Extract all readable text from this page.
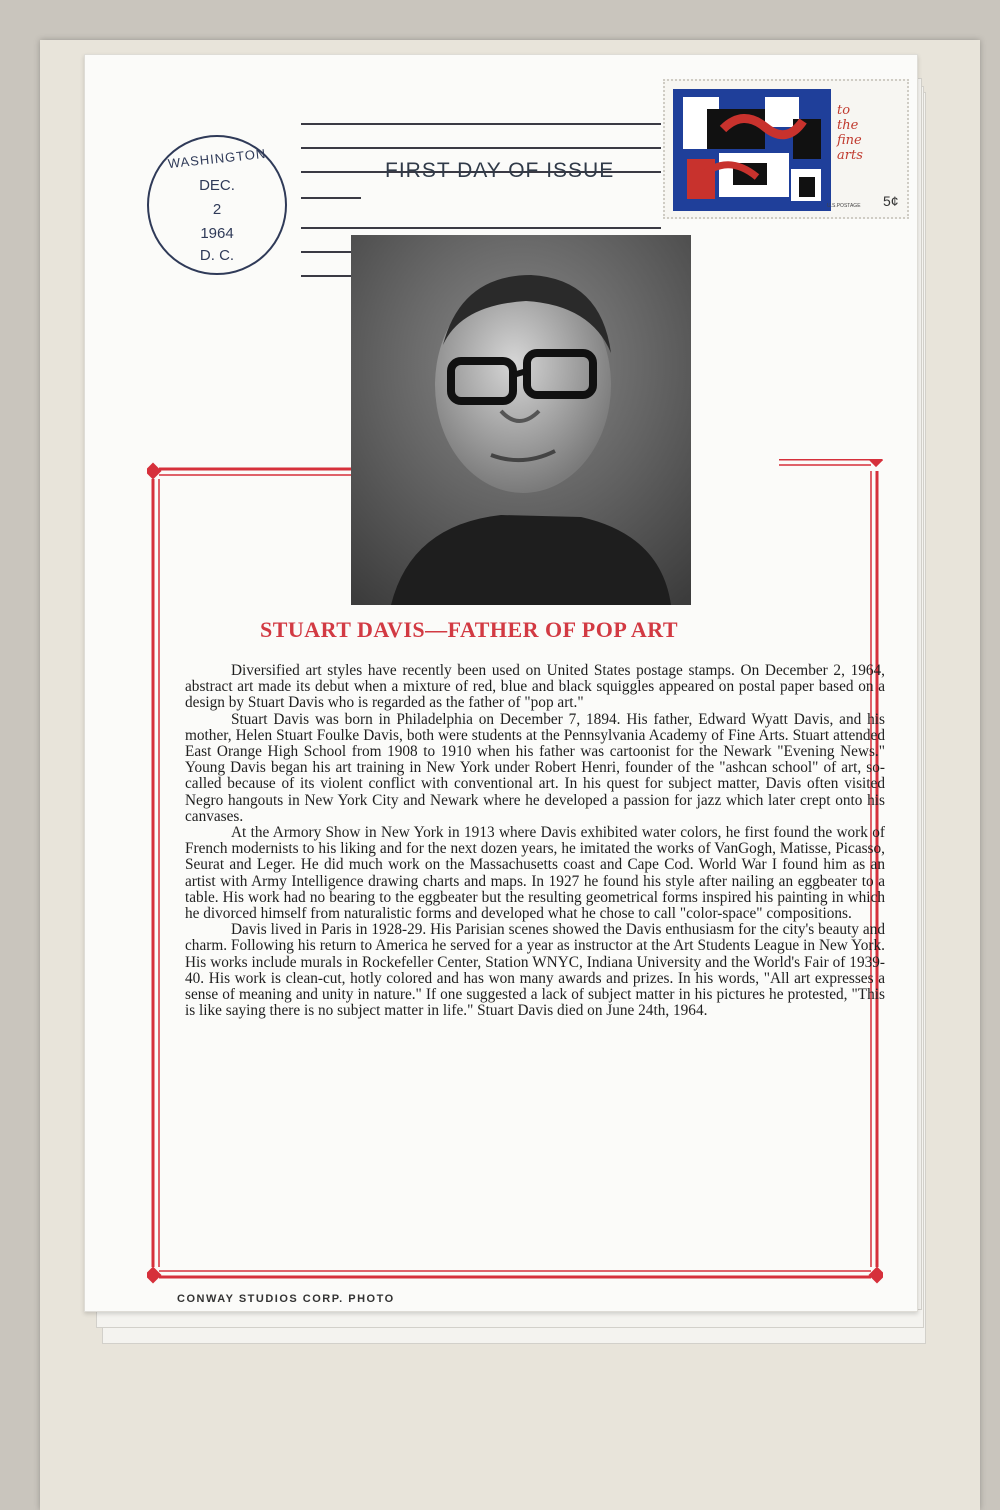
WASHINGTON
DEC.
2
1964
D. C.
FIRST DAY OF ISSUE
to
the
fine
arts
U.S.POSTAGE 5¢
STUART DAVIS—FATHER OF POP ART

Diversified art styles have recently been used on United States postage stamps. On December 2, 1964, abstract art made its debut when a mixture of red, blue and black squiggles appeared on postal paper based on a design by Stuart Davis who is regarded as the father of "pop art."

Stuart Davis was born in Philadelphia on December 7, 1894. His father, Edward Wyatt Davis, and his mother, Helen Stuart Foulke Davis, both were students at the Pennsylvania Academy of Fine Arts. Stuart attended East Orange High School from 1908 to 1910 when his father was cartoonist for the Newark "Evening News." Young Davis began his art training in New York under Robert Henri, founder of the "ashcan school" of art, so-called because of its violent conflict with conventional art. In his quest for subject matter, Davis often visited Negro hangouts in New York City and Newark where he developed a passion for jazz which later crept onto his canvases.

At the Armory Show in New York in 1913 where Davis exhibited water colors, he first found the work of French modernists to his liking and for the next dozen years, he imitated the works of VanGogh, Matisse, Picasso, Seurat and Leger. He did much work on the Massachusetts coast and Cape Cod. World War I found him as an artist with Army Intelligence drawing charts and maps. In 1927 he found his style after nailing an eggbeater to a table. His work had no bearing to the eggbeater but the resulting geometrical forms inspired his painting in which he divorced himself from naturalistic forms and developed what he chose to call "color-space" compositions.

Davis lived in Paris in 1928-29. His Parisian scenes showed the Davis enthusiasm for the city's beauty and charm. Following his return to America he served for a year as instructor at the Art Students League in New York. His works include murals in Rockefeller Center, Station WNYC, Indiana University and the World's Fair of 1939-40. His work is clean-cut, hotly colored and has won many awards and prizes. In his words, "All art expresses a sense of meaning and unity in nature." If one suggested a lack of subject matter in his pictures he protested, "This is like saying there is no subject matter in life." Stuart Davis died on June 24th, 1964.

CONWAY STUDIOS CORP. PHOTO
